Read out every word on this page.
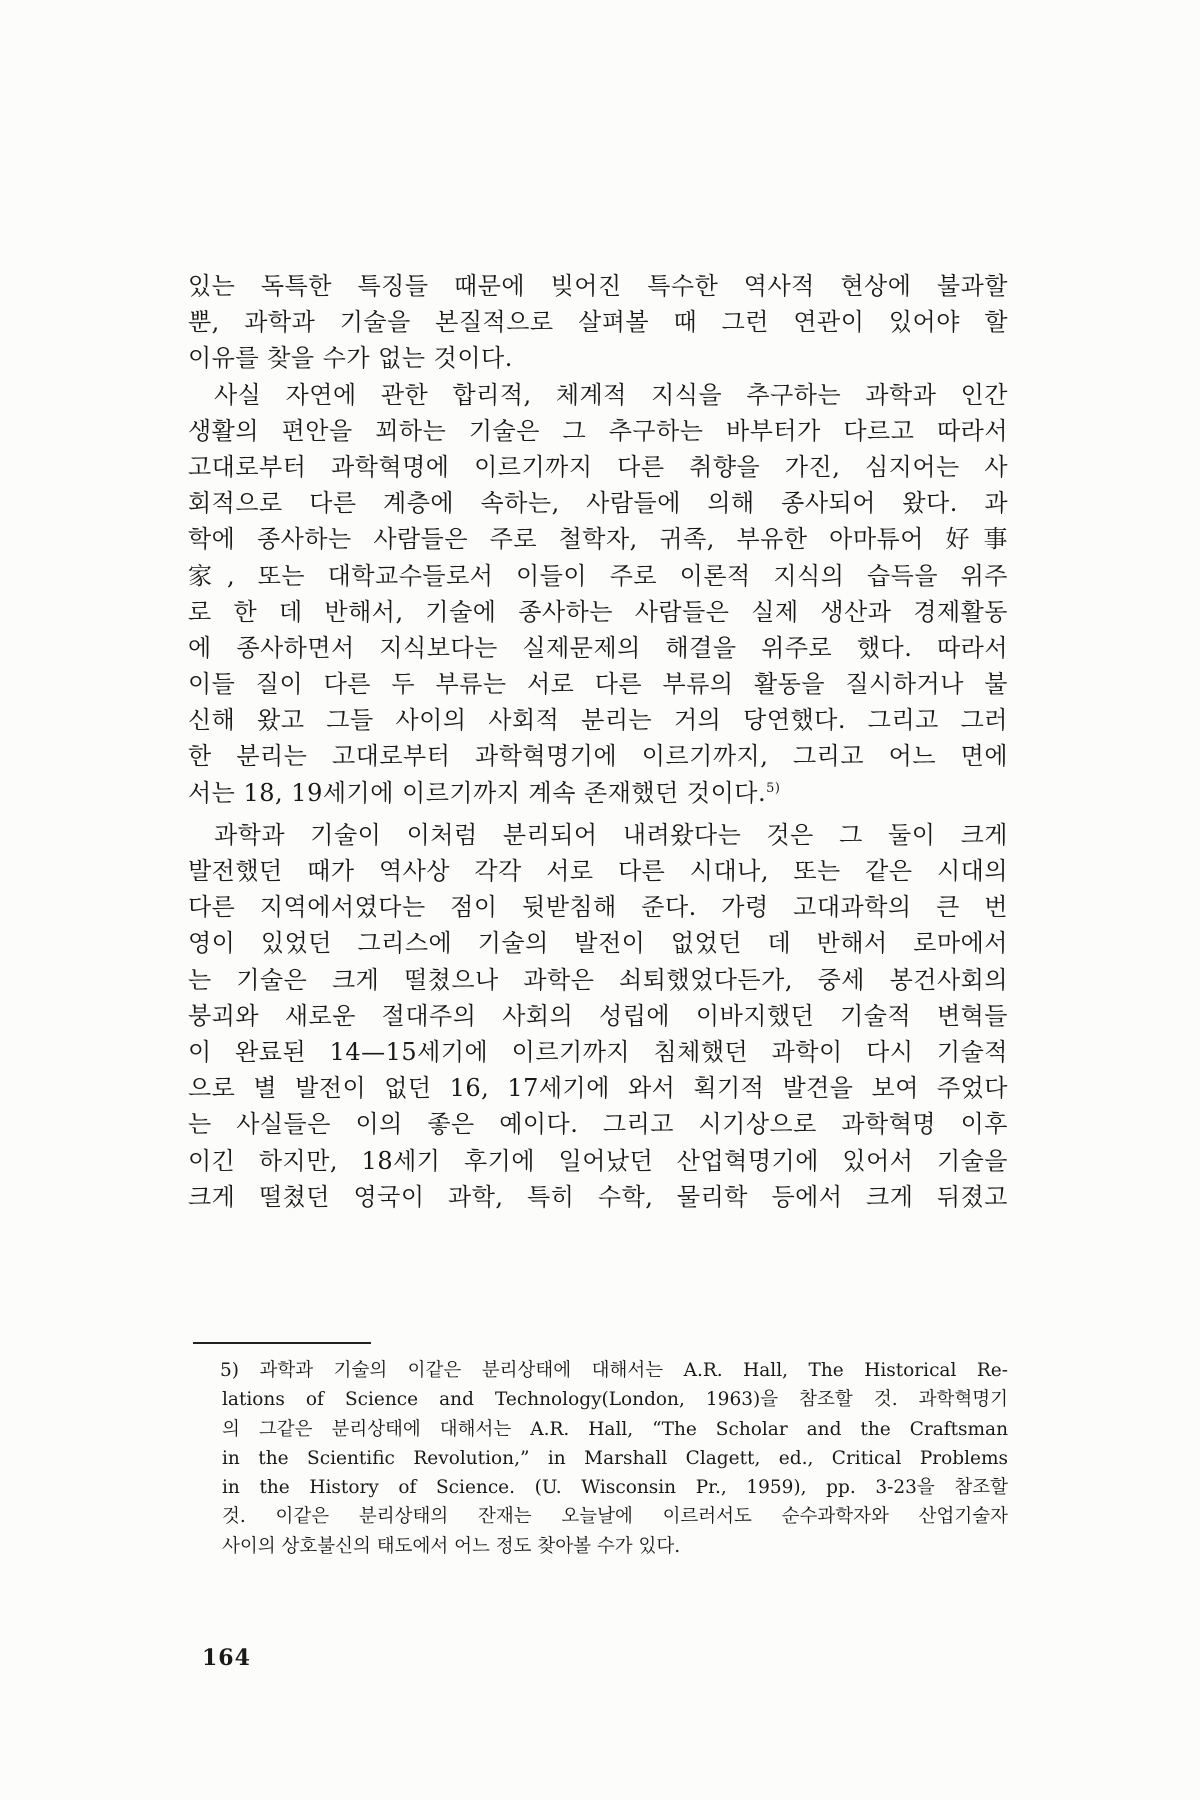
있는 독특한 특징들 때문에 빚어진 특수한 역사적 현상에 불과할
뿐, 과학과 기술을 본질적으로 살펴볼 때 그런 연관이 있어야 할
이유를 찾을 수가 없는 것이다.
사실 자연에 관한 합리적, 체계적 지식을 추구하는 과학과 인간
생활의 편안을 꾀하는 기술은 그 추구하는 바부터가 다르고 따라서
고대로부터 과학혁명에 이르기까지 다른 취향을 가진, 심지어는 사
회적으로 다른 계층에 속하는, 사람들에 의해 종사되어 왔다. 과
학에 종사하는 사람들은 주로 철학자, 귀족, 부유한 아마튜어 好事
家, 또는 대학교수들로서 이들이 주로 이론적 지식의 습득을 위주
로 한 데 반해서, 기술에 종사하는 사람들은 실제 생산과 경제활동
에 종사하면서 지식보다는 실제문제의 해결을 위주로 했다. 따라서
이들 질이 다른 두 부류는 서로 다른 부류의 활동을 질시하거나 불
신해 왔고 그들 사이의 사회적 분리는 거의 당연했다. 그리고 그러
한 분리는 고대로부터 과학혁명기에 이르기까지, 그리고 어느 면에
서는 18, 19세기에 이르기까지 계속 존재했던 것이다.$^{5)}$
과학과 기술이 이처럼 분리되어 내려왔다는 것은 그 둘이 크게
발전했던 때가 역사상 각각 서로 다른 시대나, 또는 같은 시대의
다른 지역에서였다는 점이 뒷받침해 준다. 가령 고대과학의 큰 번
영이 있었던 그리스에 기술의 발전이 없었던 데 반해서 로마에서
는 기술은 크게 떨쳤으나 과학은 쇠퇴했었다든가, 중세 봉건사회의
붕괴와 새로운 절대주의 사회의 성립에 이바지했던 기술적 변혁들
이 완료된 14—15세기에 이르기까지 침체했던 과학이 다시 기술적
으로 별 발전이 없던 16, 17세기에 와서 획기적 발견을 보여 주었다
는 사실들은 이의 좋은 예이다. 그리고 시기상으로 과학혁명 이후
이긴 하지만, 18세기 후기에 일어났던 산업혁명기에 있어서 기술을
크게 떨쳤던 영국이 과학, 특히 수학, 물리학 등에서 크게 뒤졌고
5) 과학과 기술의 이같은 분리상태에 대해서는 A.R. Hall, The Historical Re-
lations of Science and Technology(London, 1963)을 참조할 것. 과학혁명기
의 그같은 분리상태에 대해서는 A.R. Hall, “The Scholar and the Craftsman
in the Scientific Revolution,” in Marshall Clagett, ed., Critical Problems
in the History of Science. (U. Wisconsin Pr., 1959), pp. 3-23을 참조할
것. 이같은 분리상태의 잔재는 오늘날에 이르러서도 순수과학자와 산업기술자
사이의 상호불신의 태도에서 어느 정도 찾아볼 수가 있다.
164
